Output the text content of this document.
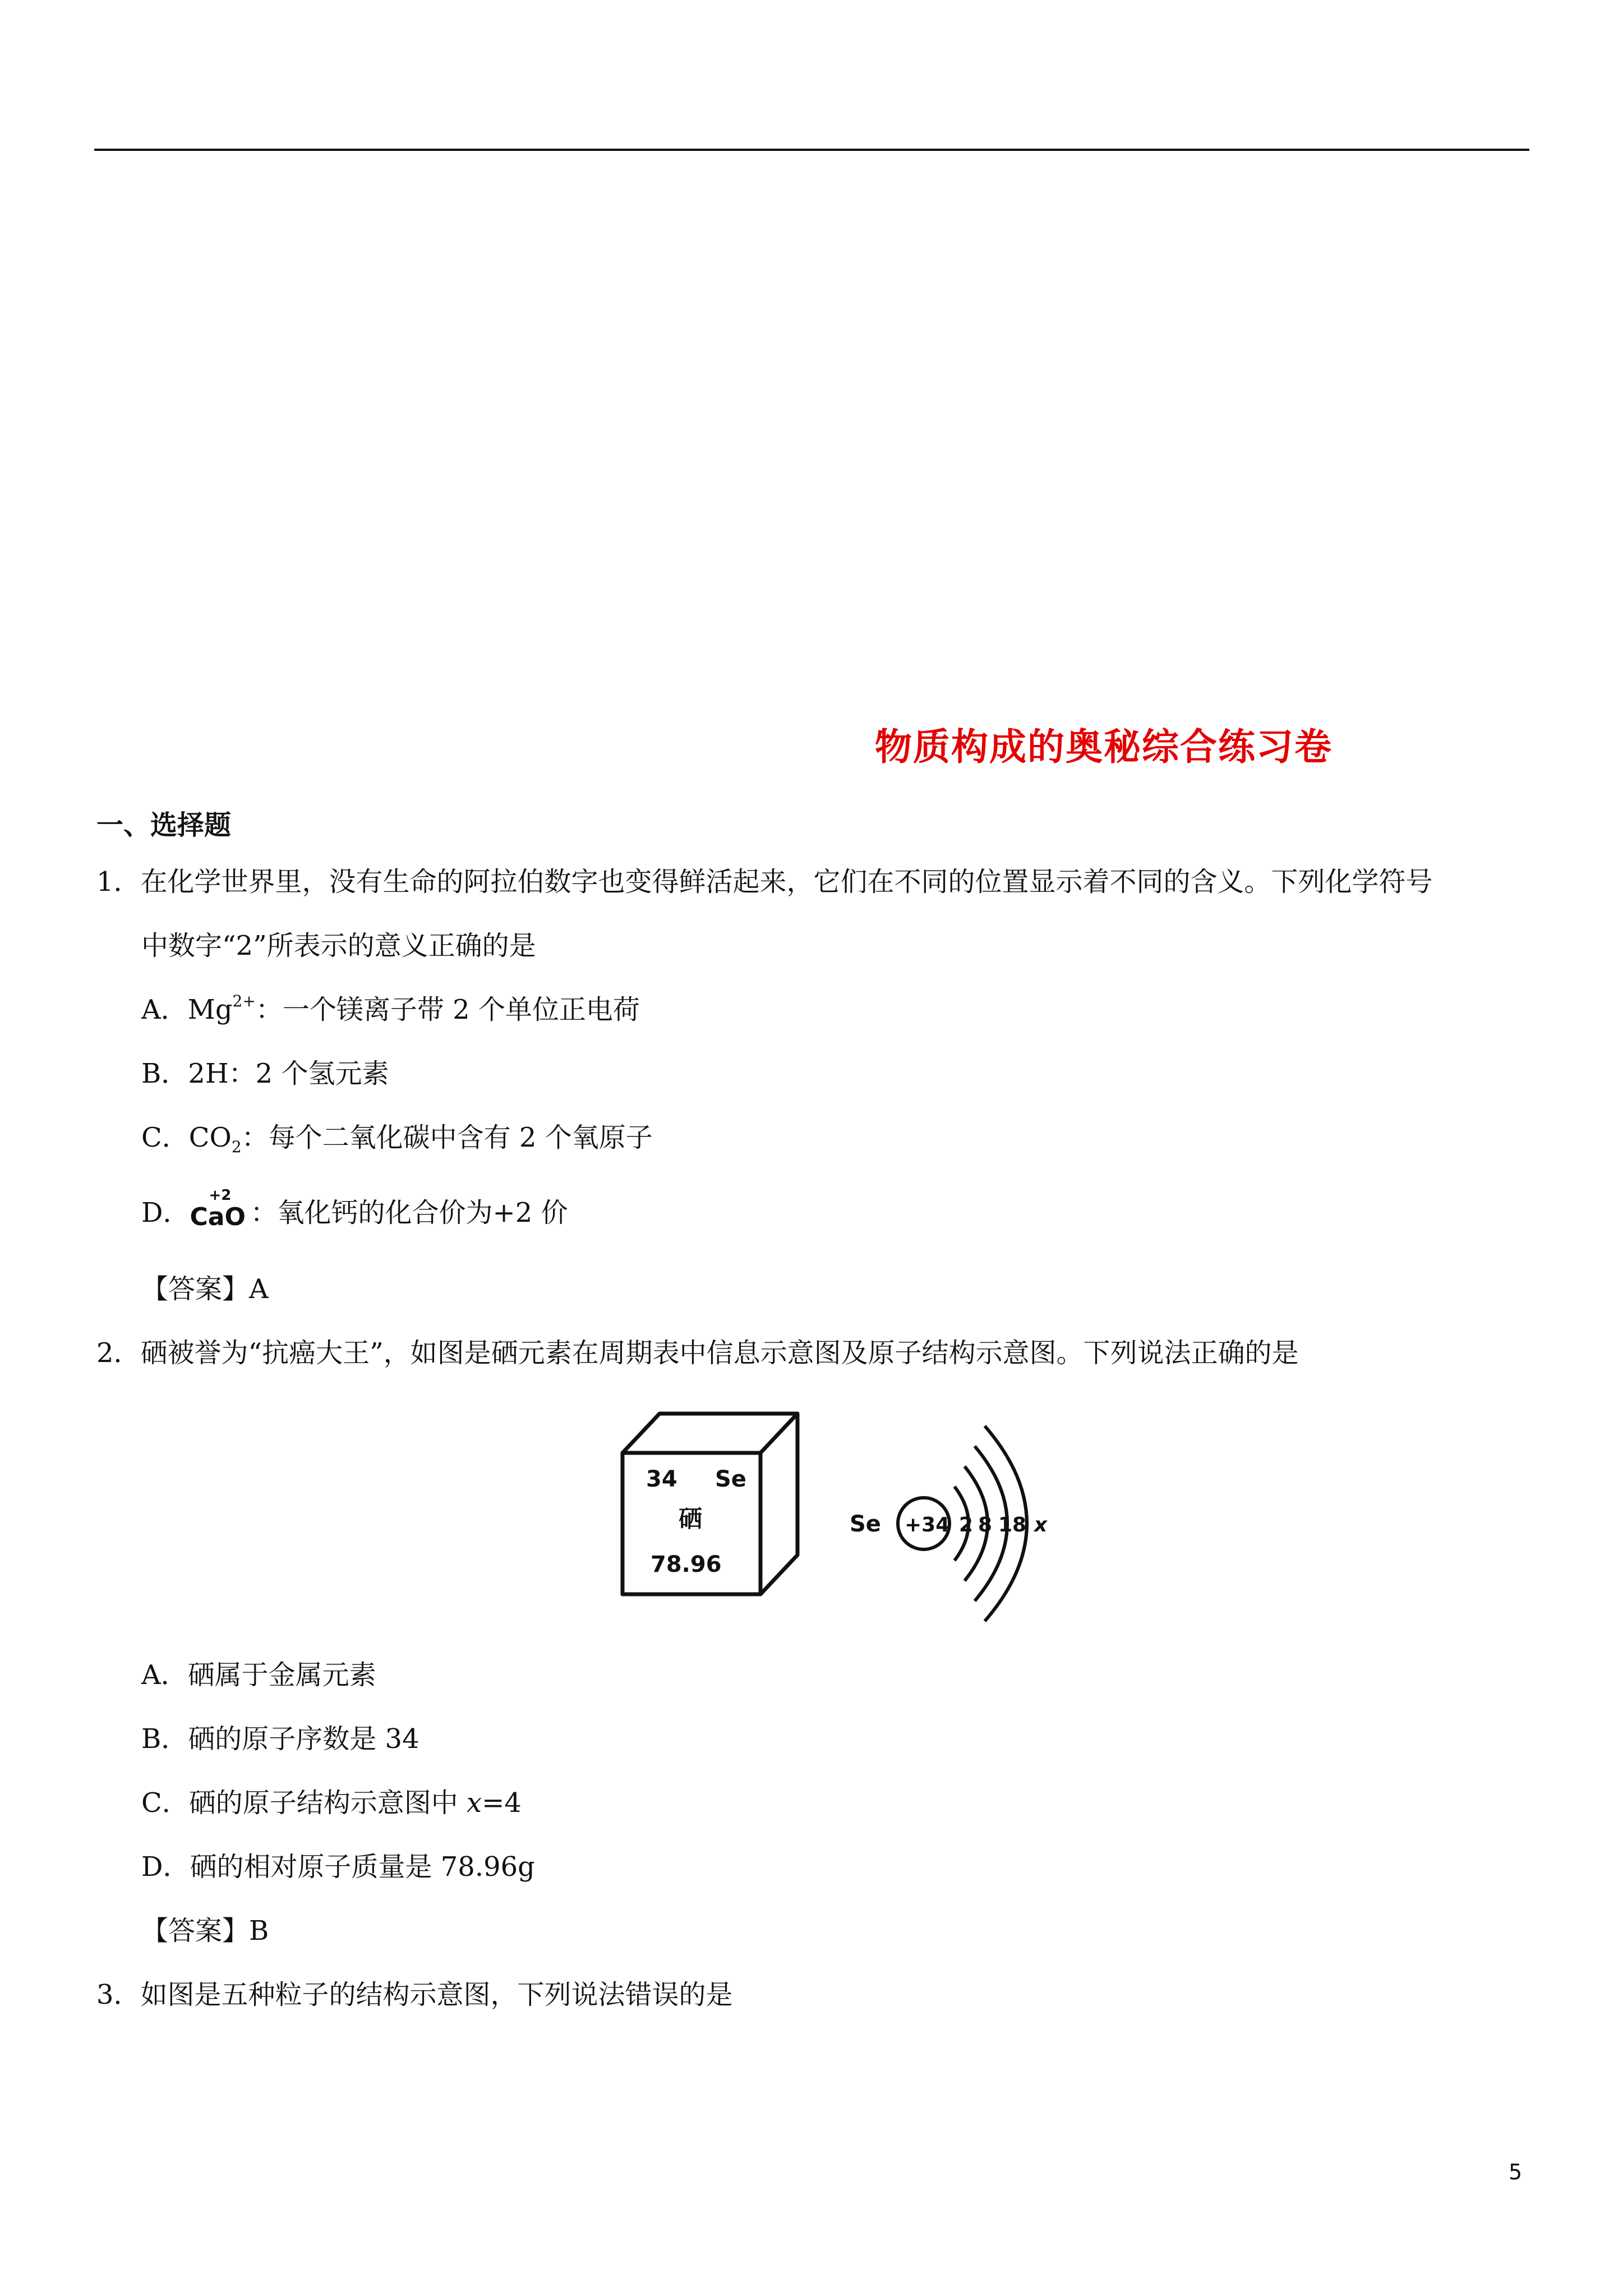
物质构成的奥秘综合练习卷
一、选择题
1．在化学世界里，没有生命的阿拉伯数字也变得鲜活起来，它们在不同的位置显示着不同的含义。下列化学符号
中数字“2”所表示的意义正确的是
A．$Mg^{2+}$：一个镁离子带 2 个单位正电荷
B．2H：2 个氢元素
C．$CO_2$：每个二氧化碳中含有 2 个氧原子
D．
+2
CaO ：氧化钙的化合价为+2 价
【答案】A
2．硒被誉为“抗癌大王”，如图是硒元素在周期表中信息示意图及原子结构示意图。下列说法正确的是
34 Se
硒
78.96
Se +34 2 8 18 x
A．硒属于金属元素
B．硒的原子序数是 34
C．硒的原子结构示意图中 x=4
D．硒的相对原子质量是 78.96g
【答案】B
3．如图是五种粒子的结构示意图，下列说法错误的是
5
